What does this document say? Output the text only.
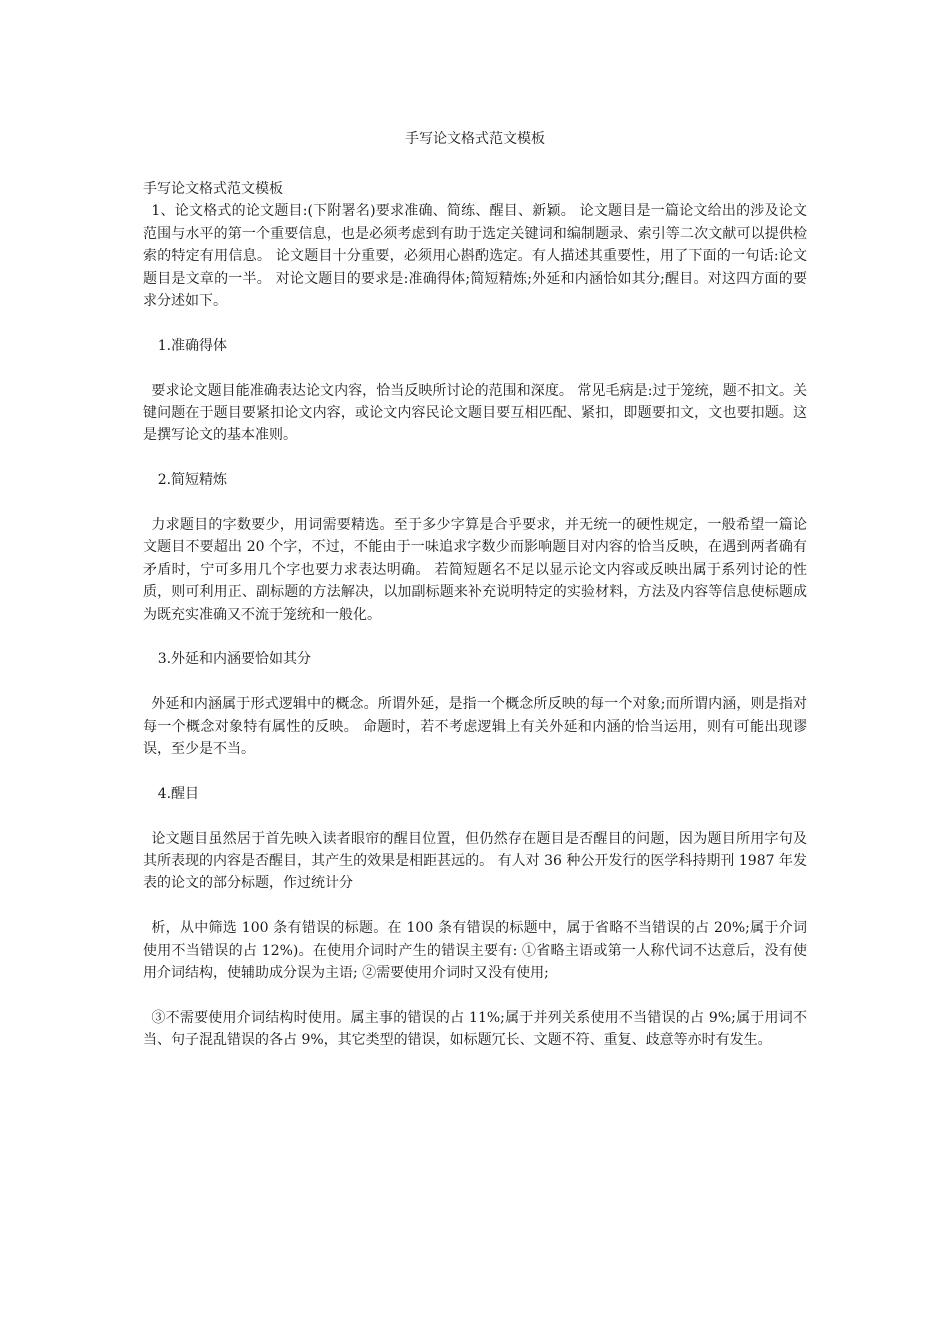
手写论文格式范文模板

手写论文格式范文模板

1、论文格式的论文题目:(下附署名)要求准确、简练、醒目、新颖。 论文题目是一篇论文给出的涉及论文范围与水平的第一个重要信息，也是必须考虑到有助于选定关键词和编制题录、索引等二次文献可以提供检索的特定有用信息。 论文题目十分重要，必须用心斟酌选定。有人描述其重要性，用了下面的一句话:论文题目是文章的一半。 对论文题目的要求是:准确得体;简短精炼;外延和内涵恰如其分;醒目。对这四方面的要求分述如下。

1.准确得体

要求论文题目能准确表达论文内容，恰当反映所讨论的范围和深度。 常见毛病是:过于笼统，题不扣文。关键问题在于题目要紧扣论文内容，或论文内容民论文题目要互相匹配、紧扣，即题要扣文，文也要扣题。这是撰写论文的基本准则。

2.简短精炼

力求题目的字数要少，用词需要精选。至于多少字算是合乎要求，并无统一的硬性规定，一般希望一篇论文题目不要超出 20 个字，不过，不能由于一味追求字数少而影响题目对内容的恰当反映，在遇到两者确有矛盾时，宁可多用几个字也要力求表达明确。 若简短题名不足以显示论文内容或反映出属于系列讨论的性质，则可利用正、副标题的方法解决，以加副标题来补充说明特定的实验材料，方法及内容等信息使标题成为既充实准确又不流于笼统和一般化。

3.外延和内涵要恰如其分

外延和内涵属于形式逻辑中的概念。所谓外延，是指一个概念所反映的每一个对象;而所谓内涵，则是指对每一个概念对象特有属性的反映。 命题时，若不考虑逻辑上有关外延和内涵的恰当运用，则有可能出现谬误，至少是不当。

4.醒目

论文题目虽然居于首先映入读者眼帘的醒目位置，但仍然存在题目是否醒目的问题，因为题目所用字句及其所表现的内容是否醒目，其产生的效果是相距甚远的。 有人对 36 种公开发行的医学科持期刊 1987 年发表的论文的部分标题，作过统计分

析，从中筛选 100 条有错误的标题。在 100 条有错误的标题中，属于省略不当错误的占 20%;属于介词使用不当错误的占 12%)。在使用介词时产生的错误主要有: ①省略主语或第一人称代词不达意后，没有使用介词结构，使辅助成分误为主语; ②需要使用介词时又没有使用;

③不需要使用介词结构时使用。属主事的错误的占 11%;属于并列关系使用不当错误的占 9%;属于用词不当、句子混乱错误的各占 9%，其它类型的错误，如标题冗长、文题不符、重复、歧意等亦时有发生。
